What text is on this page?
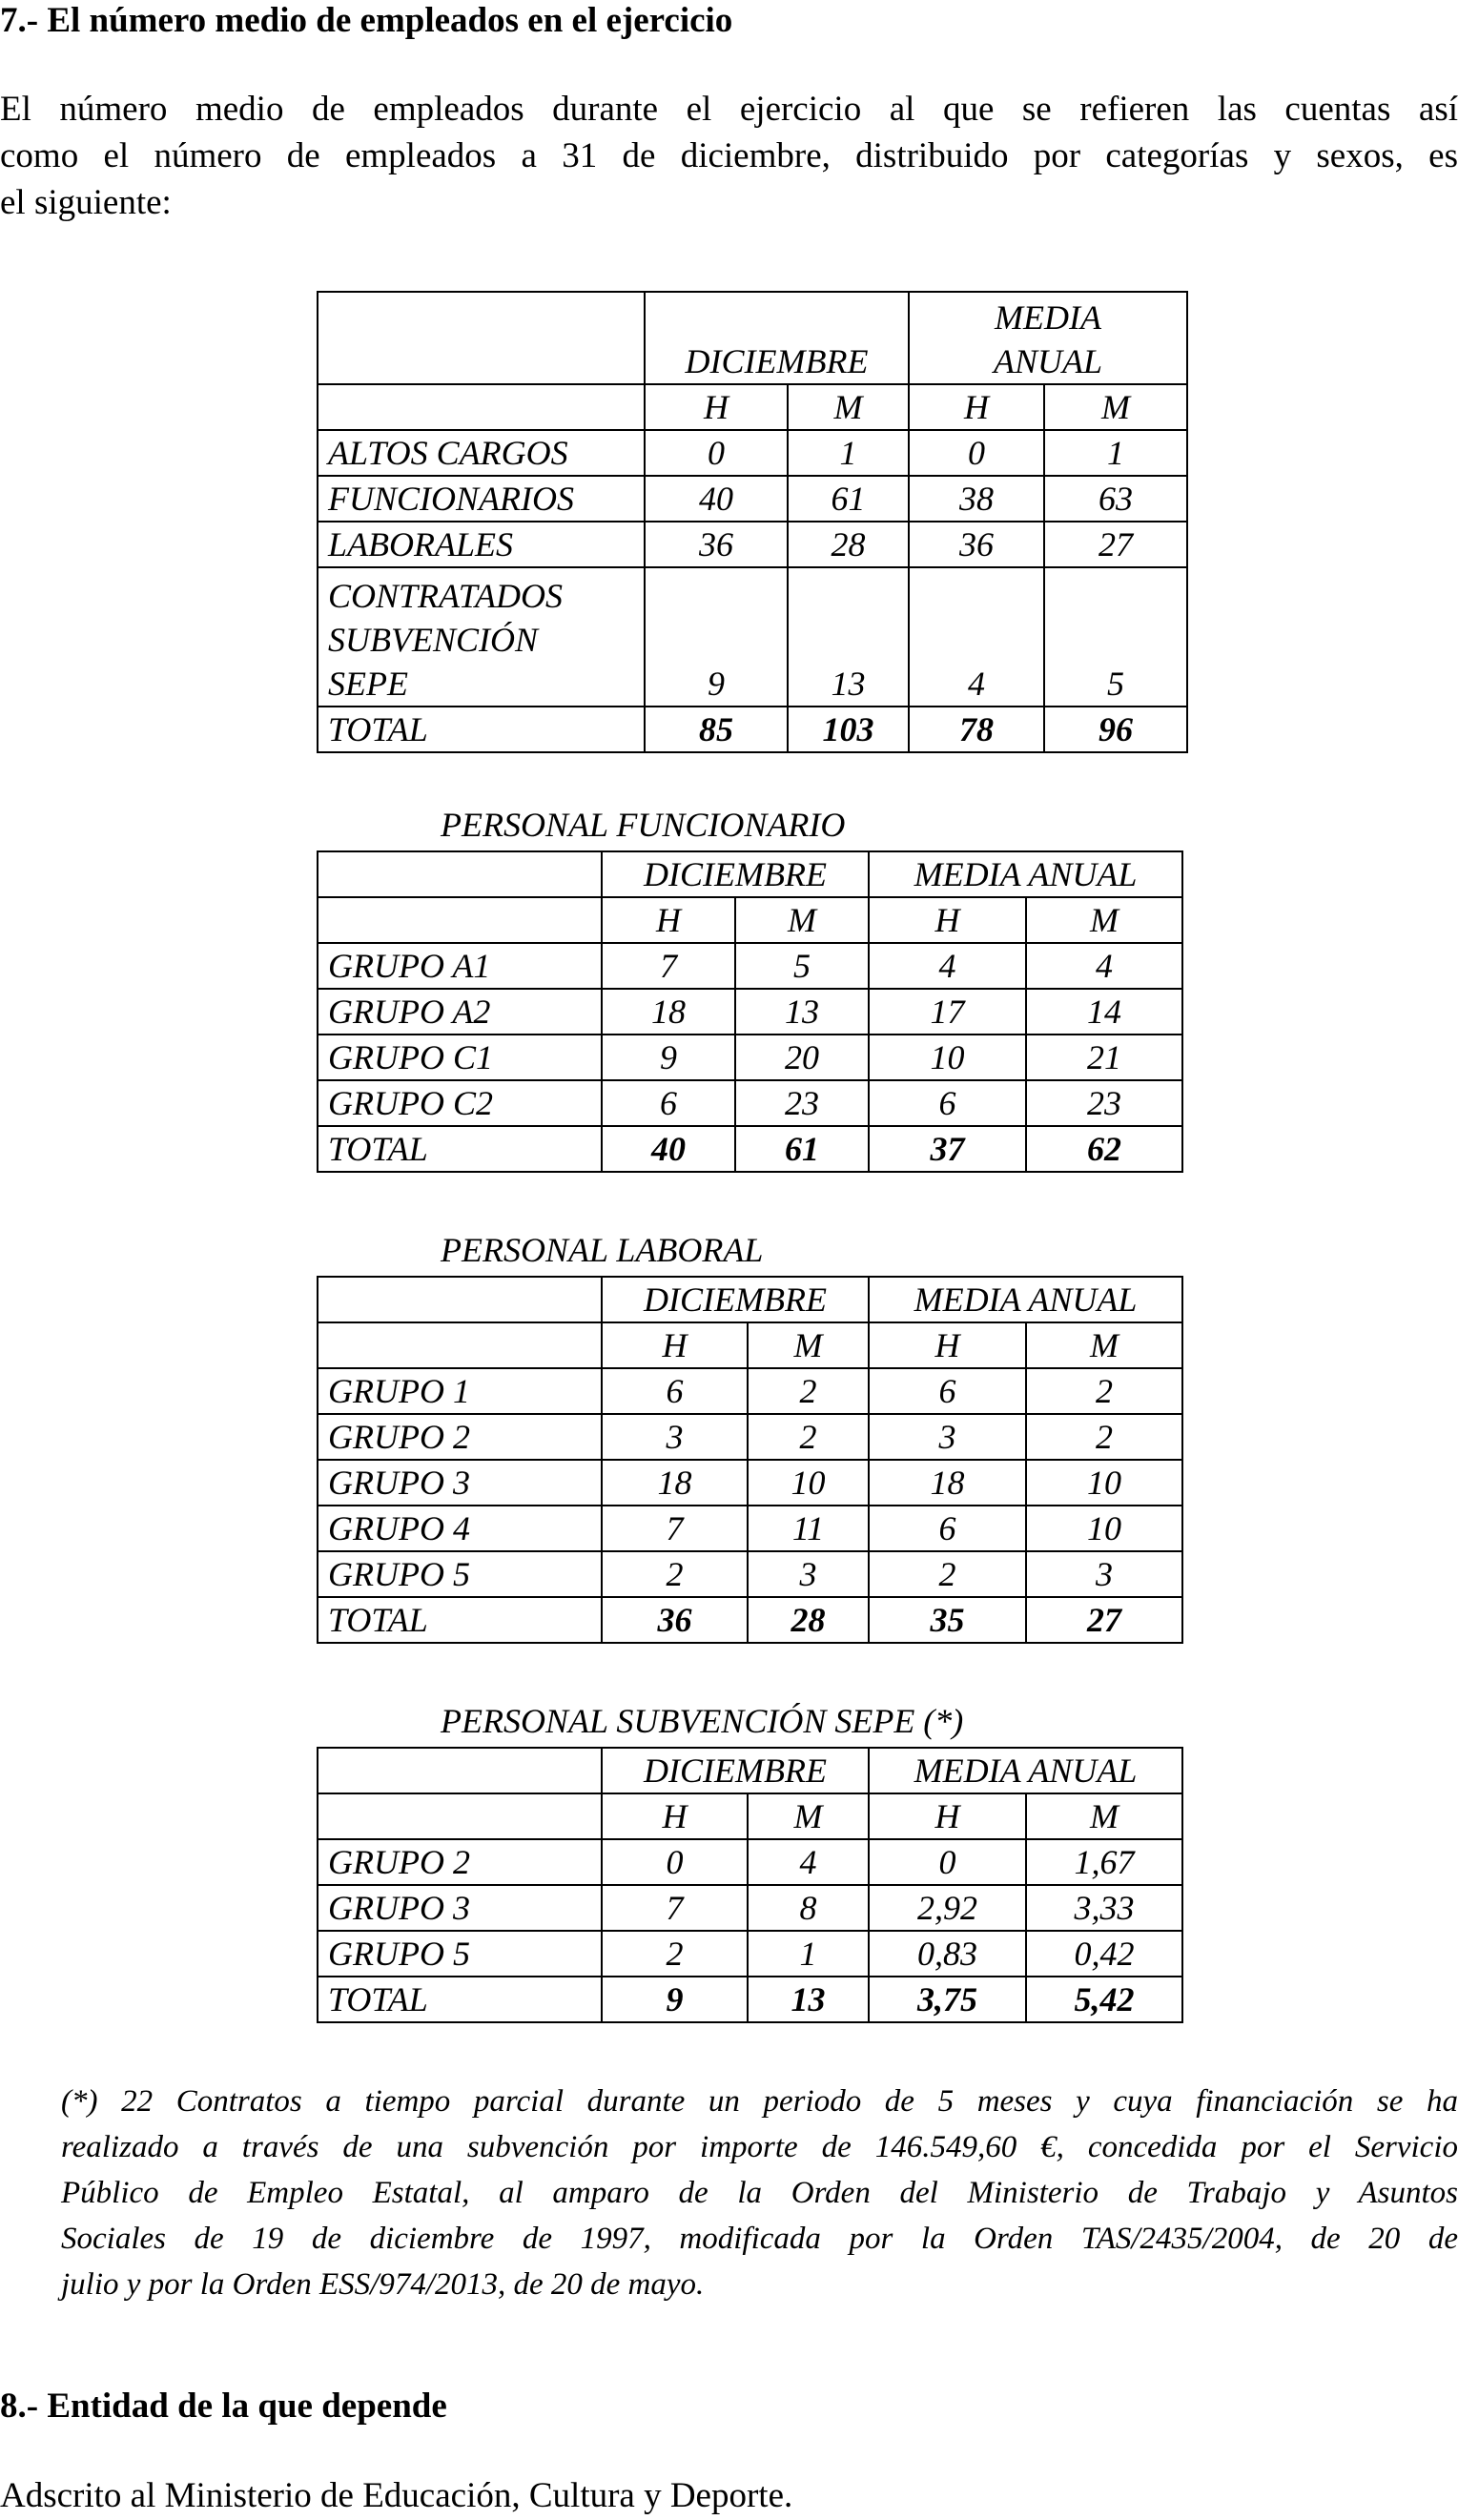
7.- El número medio de empleados en el ejercicio

El número medio de empleados durante el ejercicio al que se refieren las cuentas así
como el número de empleados a 31 de diciembre, distribuido por categorías y sexos, es
el siguiente:

	DICIEMBRE		MEDIA
ANUAL	
	H	M	H	M
ALTOS CARGOS	0	1	0	1
FUNCIONARIOS	40	61	38	63
LABORALES	36	28	36	27
CONTRATADOS
SUBVENCIÓN
SEPE	9	13	4	5
TOTAL	85	103	78	96
PERSONAL FUNCIONARIO
	DICIEMBRE		MEDIA ANUAL	
	H	M	H	M
GRUPO A1	7	5	4	4
GRUPO A2	18	13	17	14
GRUPO C1	9	20	10	21
GRUPO C2	6	23	6	23
TOTAL	40	61	37	62
PERSONAL LABORAL
	DICIEMBRE		MEDIA ANUAL	
	H	M	H	M
GRUPO 1	6	2	6	2
GRUPO 2	3	2	3	2
GRUPO 3	18	10	18	10
GRUPO 4	7	11	6	10
GRUPO 5	2	3	2	3
TOTAL	36	28	35	27
PERSONAL SUBVENCIÓN SEPE (*)
	DICIEMBRE		MEDIA ANUAL	
	H	M	H	M
GRUPO 2	0	4	0	1,67
GRUPO 3	7	8	2,92	3,33
GRUPO 5	2	1	0,83	0,42
TOTAL	9	13	3,75	5,42

(*) 22 Contratos a tiempo parcial durante un periodo de 5 meses y cuya financiación se ha
realizado a través de una subvención por importe de 146.549,60 €, concedida por el Servicio
Público de Empleo Estatal, al amparo de la Orden del Ministerio de Trabajo y Asuntos
Sociales de 19 de diciembre de 1997, modificada por la Orden TAS/2435/2004, de 20 de
julio y por la Orden ESS/974/2013, de 20 de mayo.

8.- Entidad de la que depende

Adscrito al Ministerio de Educación, Cultura y Deporte.
